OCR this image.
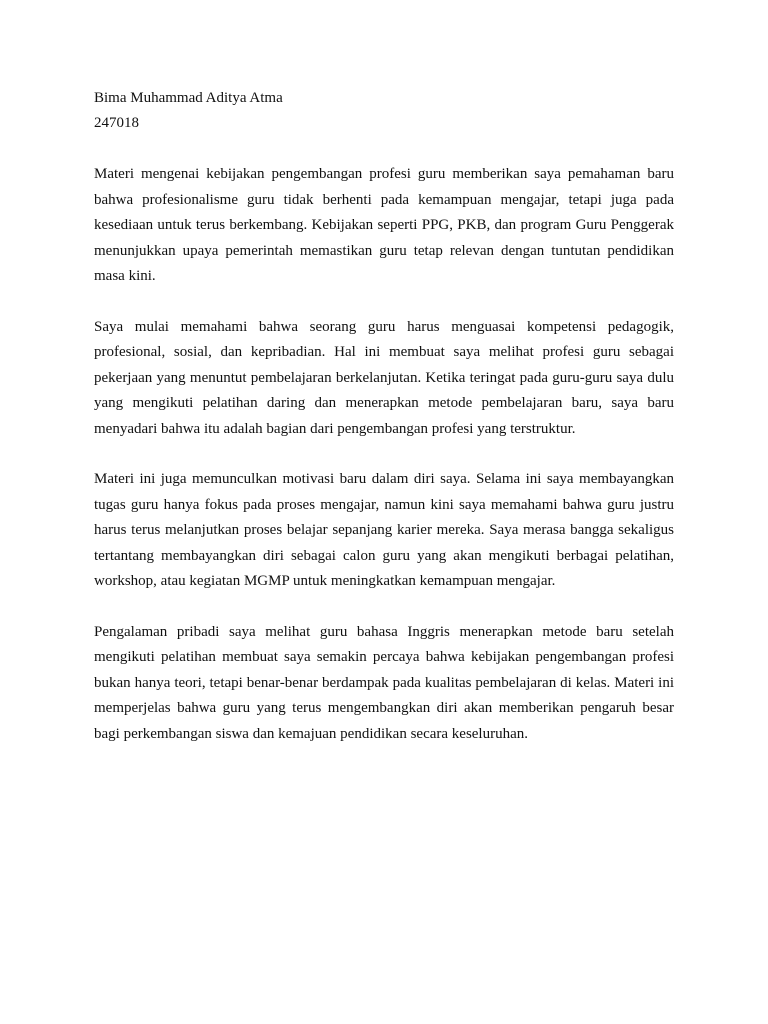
Bima Muhammad Aditya Atma

247018

Materi mengenai kebijakan pengembangan profesi guru memberikan saya pemahaman baru bahwa profesionalisme guru tidak berhenti pada kemampuan mengajar, tetapi juga pada kesediaan untuk terus berkembang. Kebijakan seperti PPG, PKB, dan program Guru Penggerak menunjukkan upaya pemerintah memastikan guru tetap relevan dengan tuntutan pendidikan masa kini.

Saya mulai memahami bahwa seorang guru harus menguasai kompetensi pedagogik, profesional, sosial, dan kepribadian. Hal ini membuat saya melihat profesi guru sebagai pekerjaan yang menuntut pembelajaran berkelanjutan. Ketika teringat pada guru-guru saya dulu yang mengikuti pelatihan daring dan menerapkan metode pembelajaran baru, saya baru menyadari bahwa itu adalah bagian dari pengembangan profesi yang terstruktur.

Materi ini juga memunculkan motivasi baru dalam diri saya. Selama ini saya membayangkan tugas guru hanya fokus pada proses mengajar, namun kini saya memahami bahwa guru justru harus terus melanjutkan proses belajar sepanjang karier mereka. Saya merasa bangga sekaligus tertantang membayangkan diri sebagai calon guru yang akan mengikuti berbagai pelatihan, workshop, atau kegiatan MGMP untuk meningkatkan kemampuan mengajar.

Pengalaman pribadi saya melihat guru bahasa Inggris menerapkan metode baru setelah mengikuti pelatihan membuat saya semakin percaya bahwa kebijakan pengembangan profesi bukan hanya teori, tetapi benar-benar berdampak pada kualitas pembelajaran di kelas. Materi ini memperjelas bahwa guru yang terus mengembangkan diri akan memberikan pengaruh besar bagi perkembangan siswa dan kemajuan pendidikan secara keseluruhan.
